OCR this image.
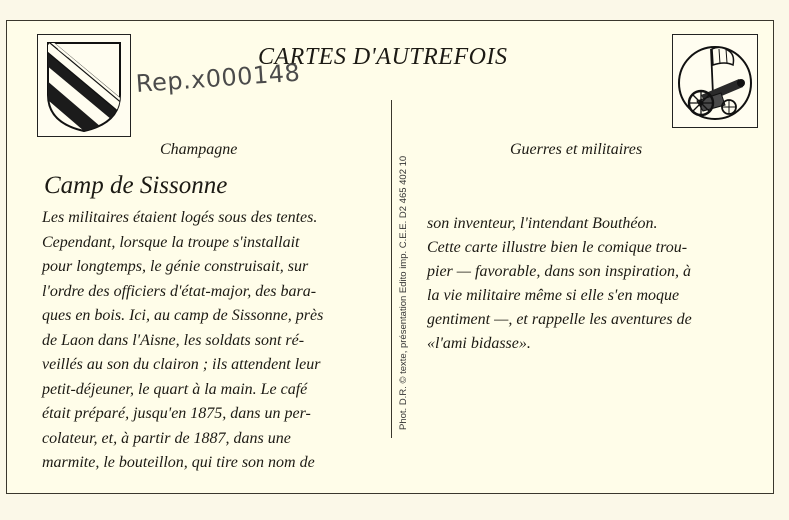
CARTES D'AUTREFOIS
Rep.x000148
Champagne	Guerres et militaires
Camp de Sissonne	Phot. D.R. © texte, présentation Edito imp. C.E.E. D2 465 402 10
Les militaires étaient logés sous des tentes.
Cependant, lorsque la troupe s'installait
pour longtemps, le génie construisait, sur
l'ordre des officiers d'état-major, des bara-
ques en bois. Ici, au camp de Sissonne, près
de Laon dans l'Aisne, les soldats sont ré-
veillés au son du clairon ; ils attendent leur
petit-déjeuner, le quart à la main. Le café
était préparé, jusqu'en 1875, dans un per-
colateur, et, à partir de 1887, dans une
marmite, le bouteillon, qui tire son nom de
son inventeur, l'intendant Bouthéon.
Cette carte illustre bien le comique trou-
pier — favorable, dans son inspiration, à
la vie militaire même si elle s'en moque
gentiment —, et rappelle les aventures de
«l'ami bidasse».
